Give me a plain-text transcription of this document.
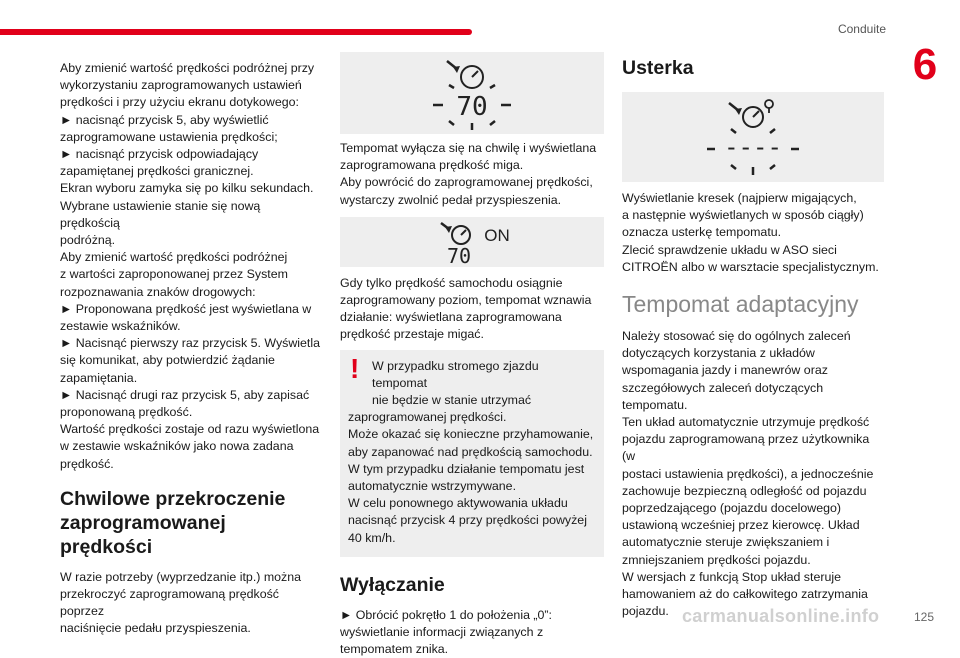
Conduite
6

Aby zmienić wartość prędkości podróżnej przy

wykorzystaniu zaprogramowanych ustawień

prędkości i przy użyciu ekranu dotykowego:

► nacisnąć przycisk 5, aby wyświetlić

zaprogramowane ustawienia prędkości;

► nacisnąć przycisk odpowiadający

zapamiętanej prędkości granicznej.

Ekran wyboru zamyka się po kilku sekundach.

Wybrane ustawienie stanie się nową prędkością

podróżną.

Aby zmienić wartość prędkości podróżnej

z wartości zaproponowanej przez System

rozpoznawania znaków drogowych:

► Proponowana prędkość jest wyświetlana w

zestawie wskaźników.

► Nacisnąć pierwszy raz przycisk 5. Wyświetla

się komunikat, aby potwierdzić żądanie

zapamiętania.

► Nacisnąć drugi raz przycisk 5, aby zapisać

proponowaną prędkość.

Wartość prędkości zostaje od razu wyświetlona

w zestawie wskaźników jako nowa zadana

prędkość.

Chwilowe przekroczenie zaprogramowanej prędkości

W razie potrzeby (wyprzedzanie itp.) można

przekroczyć zaprogramowaną prędkość poprzez

naciśnięcie pedału przyspieszenia.

70

Tempomat wyłącza się na chwilę i wyświetlana

zaprogramowana prędkość miga.

Aby powrócić do zaprogramowanej prędkości,

wystarczy zwolnić pedał przyspieszenia.

ON
70

Gdy tylko prędkość samochodu osiągnie

zaprogramowany poziom, tempomat wznawia

działanie: wyświetlana zaprogramowana

prędkość przestaje migać.

!	W przypadku stromego zjazdu tempomat

nie będzie w stanie utrzymać

zaprogramowanej prędkości.

Może okazać się konieczne przyhamowanie,

aby zapanować nad prędkością samochodu.

W tym przypadku działanie tempomatu jest

automatycznie wstrzymywane.

W celu ponownego aktywowania układu

nacisnąć przycisk 4 przy prędkości powyżej

40 km/h.

Wyłączanie

► Obrócić pokrętło 1 do położenia „0”:

wyświetlanie informacji związanych z

tempomatem znika.

Usterka
----

Wyświetlanie kresek (najpierw migających,

a następnie wyświetlanych w sposób ciągły)

oznacza usterkę tempomatu.

Zlecić sprawdzenie układu w ASO sieci

CITROËN albo w warsztacie specjalistycznym.

Tempomat adaptacyjny

Należy stosować się do ogólnych zaleceń

dotyczących korzystania z układów

wspomagania jazdy i manewrów oraz

szczegółowych zaleceń dotyczących

tempomatu.

Ten układ automatycznie utrzymuje prędkość

pojazdu zaprogramowaną przez użytkownika (w

postaci ustawienia prędkości), a jednocześnie

zachowuje bezpieczną odległość od pojazdu

poprzedzającego (pojazdu docelowego)

ustawioną wcześniej przez kierowcę. Układ

automatycznie steruje zwiększaniem i

zmniejszaniem prędkości pojazdu.

W wersjach z funkcją Stop układ steruje

hamowaniem aż do całkowitego zatrzymania

pojazdu. carmanualsonline.info	125
